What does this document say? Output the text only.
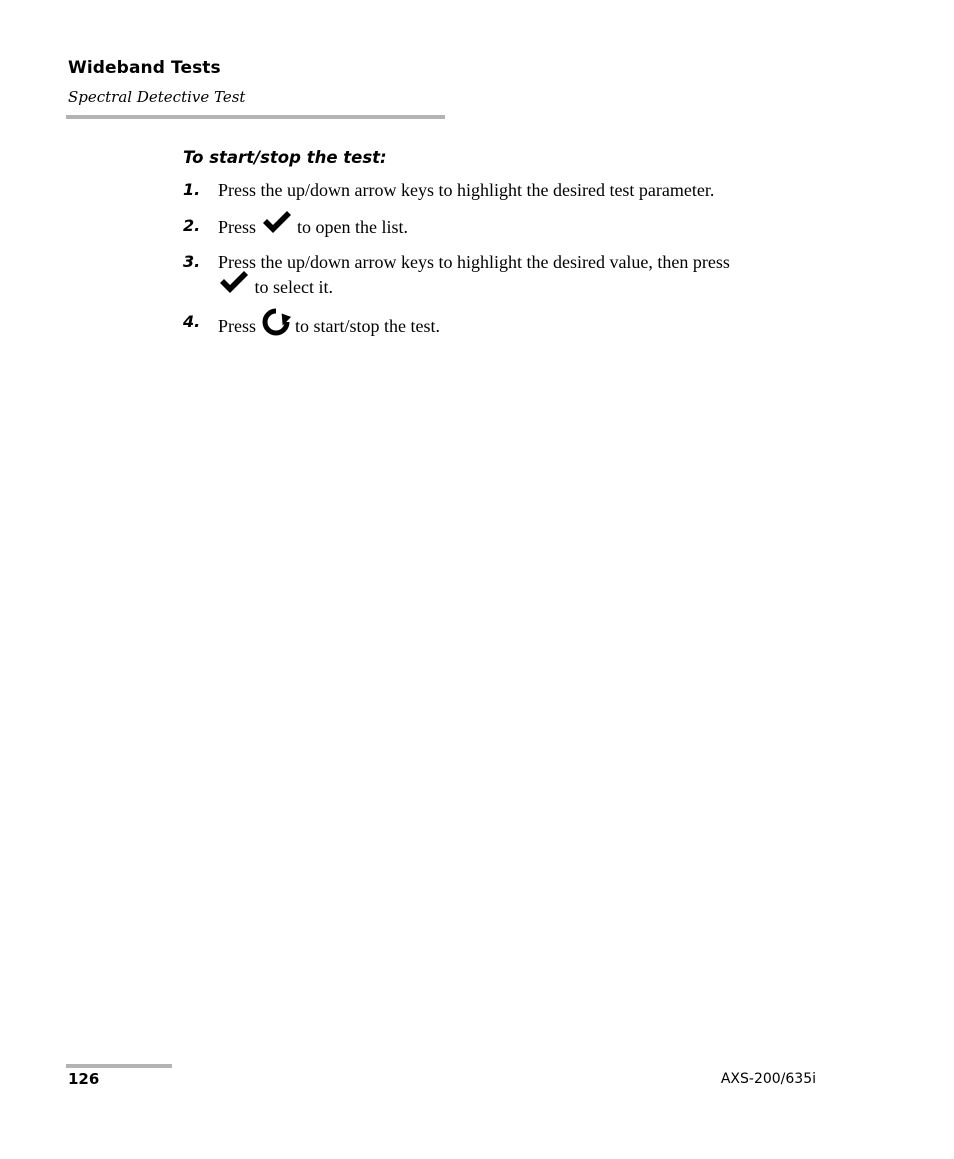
Wideband Tests
Spectral Detective Test
To start/stop the test:
1. Press the up/down arrow keys to highlight the desired test parameter.
2. Press to open the list.
3. Press the up/down arrow keys to highlight the desired value, then press
to select it.
4. Press to start/stop the test.
126	AXS-200/635i
